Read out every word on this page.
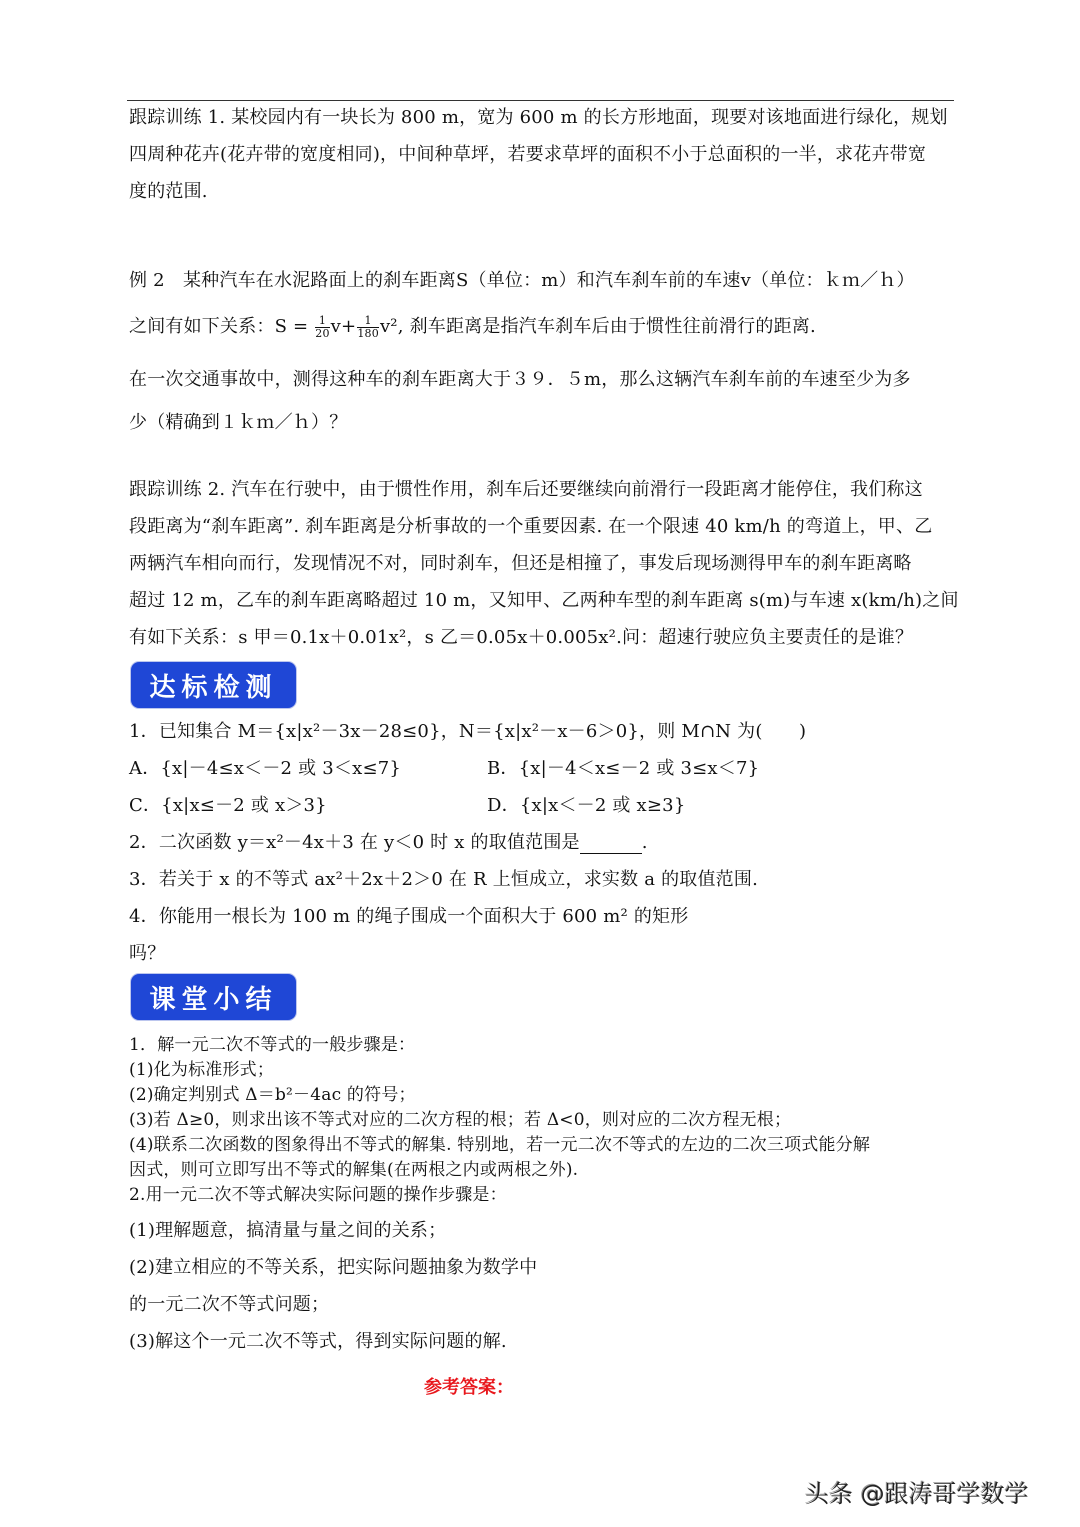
跟踪训练 1. 某校园内有一块长为 800 m，宽为 600 m 的长方形地面，现要对该地面进行绿化，规划
四周种花卉(花卉带的宽度相同)，中间种草坪，若要求草坪的面积不小于总面积的一半，求花卉带宽
度的范围.
例 2　某种汽车在水泥路面上的刹车距离S（单位：m）和汽车刹车前的车速v（单位：ｋｍ／ｈ）
之间有如下关系：$S = \frac{1}{20} v+ \frac{1}{180} v^2$, 刹车距离是指汽车刹车后由于惯性往前滑行的距离.
在一次交通事故中，测得这种车的刹车距离大于３９．５m，那么这辆汽车刹车前的车速至少为多
少（精确到１ｋｍ／ｈ）？
跟踪训练 2. 汽车在行驶中，由于惯性作用，刹车后还要继续向前滑行一段距离才能停住，我们称这
段距离为“刹车距离”. 刹车距离是分析事故的一个重要因素. 在一个限速 40 km/h 的弯道上，甲、乙
两辆汽车相向而行，发现情况不对，同时刹车，但还是相撞了，事发后现场测得甲车的刹车距离略
超过 12 m，乙车的刹车距离略超过 10 m，又知甲、乙两种车型的刹车距离 s(m)与车速 x(km/h)之间
有如下关系：s 甲＝0.1x＋0.01x²，s 乙＝0.05x＋0.005x².问：超速行驶应负主要责任的是谁？
达标检测
1．已知集合 M＝{x|x²－3x－28≤0}，N＝{x|x²－x－6＞0}，则 M∩N 为(　　)
A．{x|－4≤x＜－2 或 3＜x≤7}	B．{x|－4＜x≤－2 或 3≤x＜7}
C．{x|x≤－2 或 x＞3}	D．{x|x＜－2 或 x≥3}
2．二次函数 y＝x²－4x＋3 在 y＜0 时 x 的取值范围是	.
3．若关于 x 的不等式 ax²＋2x＋2＞0 在 R 上恒成立，求实数 a 的取值范围.
4．你能用一根长为 100 m 的绳子围成一个面积大于 600 m² 的矩形
吗？
课堂小结
1．解一元二次不等式的一般步骤是：
(1)化为标准形式；
(2)确定判别式 Δ＝b²－4ac 的符号；
(3)若 Δ≥0，则求出该不等式对应的二次方程的根；若 Δ<0，则对应的二次方程无根；
(4)联系二次函数的图象得出不等式的解集. 特别地，若一元二次不等式的左边的二次三项式能分解
因式，则可立即写出不等式的解集(在两根之内或两根之外).
2.用一元二次不等式解决实际问题的操作步骤是：
(1)理解题意，搞清量与量之间的关系；
(2)建立相应的不等关系，把实际问题抽象为数学中
的一元二次不等式问题；
(3)解这个一元二次不等式，得到实际问题的解.
参考答案：
头条 @跟涛哥学数学
